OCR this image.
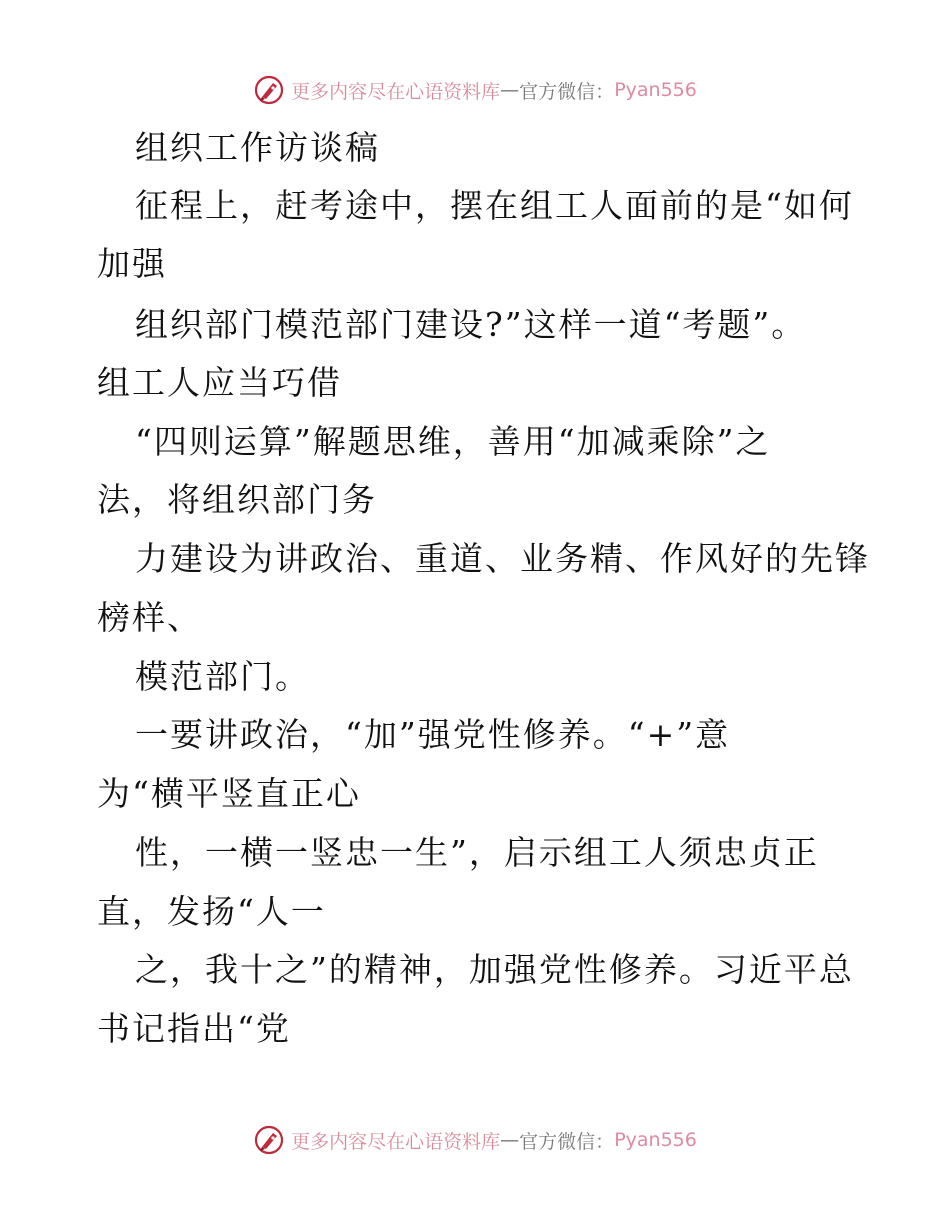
更多内容尽在心语资料库 — 官方微信： Pyan556
组织工作访谈稿
征程上，赶考途中，摆在组工人面前的是“如何
加强
组织部门模范部门建设?”这样一道“考题”。
组工人应当巧借
“四则运算”解题思维，善用“加减乘除”之
法，将组织部门务
力建设为讲政治、重道、业务精、作风好的先锋
榜样、
模范部门。
一要讲政治，“加”强党性修养。“+”意
为“横平竖直正心
性，一横一竖忠一生”，启示组工人须忠贞正
直，发扬“人一
之，我十之”的精神，加强党性修养。习近平总
书记指出“党
更多内容尽在心语资料库 — 官方微信： Pyan556
